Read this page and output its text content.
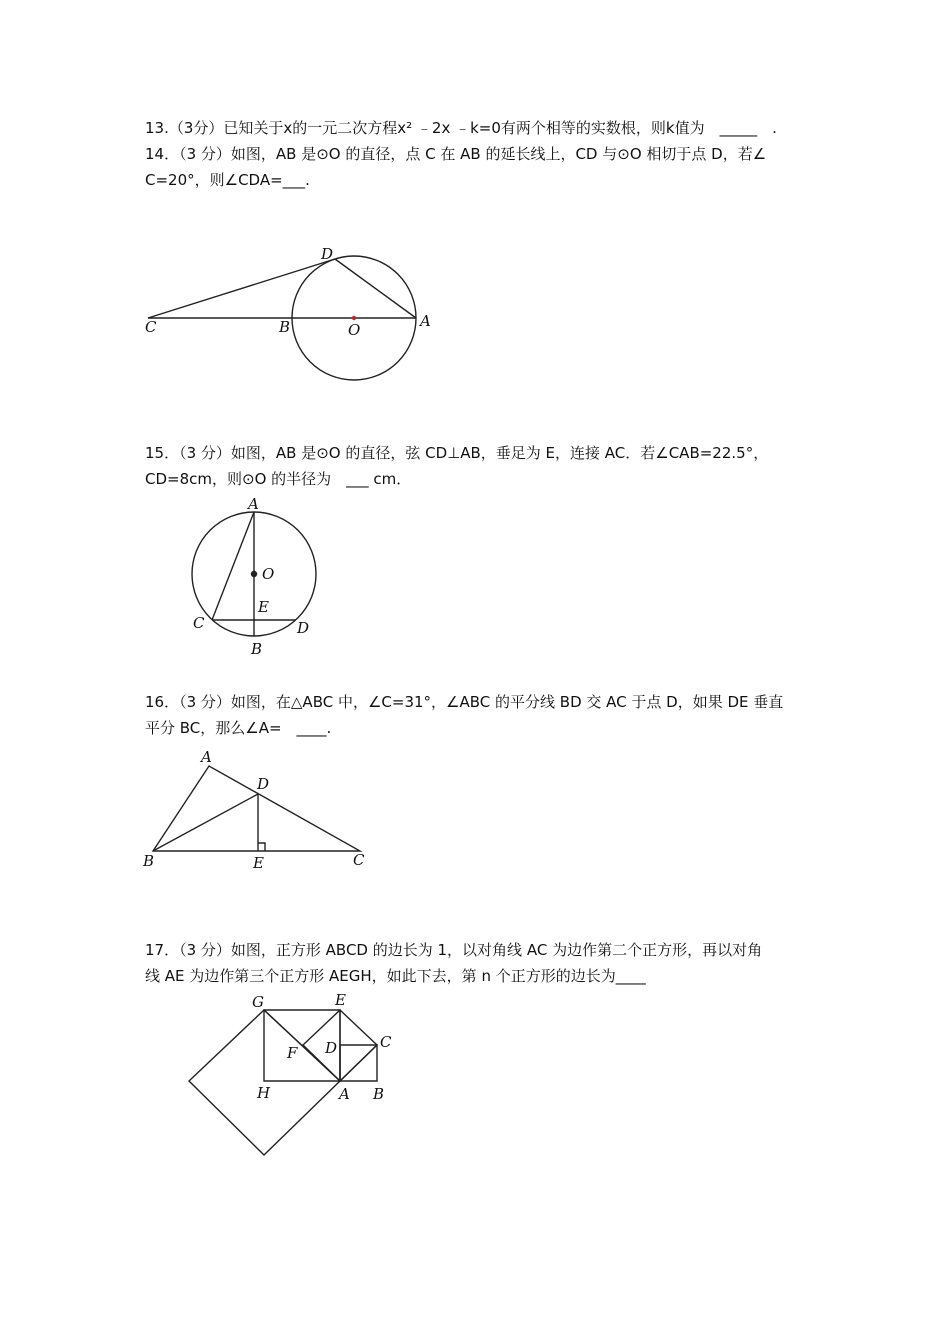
13.（3分）已知关于x的一元二次方程x² ﹣2x ﹣k=0有两个相等的实数根，则k值为　_____　.
14．（3 分）如图，AB 是⊙O 的直径，点 C 在 AB 的延长线上，CD 与⊙O 相切于点 D，若∠
C=20°，则∠CDA=___.
C	B	O	A
D
15．（3 分）如图，AB 是⊙O 的直径，弦 CD⊥AB，垂足为 E，连接 AC．若∠CAB=22.5°，
CD=8cm，则⊙O 的半径为　___ cm．
A
O
E
C	D
B
16．（3 分）如图，在△ABC 中，∠C=31°，∠ABC 的平分线 BD 交 AC 于点 D，如果 DE 垂直
平分 BC，那么∠A=　____.
A
D
B	E	C
17．（3 分）如图，正方形 ABCD 的边长为 1，以对角线 AC 为边作第二个正方形，再以对角
线 AE 为边作第三个正方形 AEGH，如此下去，第 n 个正方形的边长为____
G	E
C
F D
H	A B
